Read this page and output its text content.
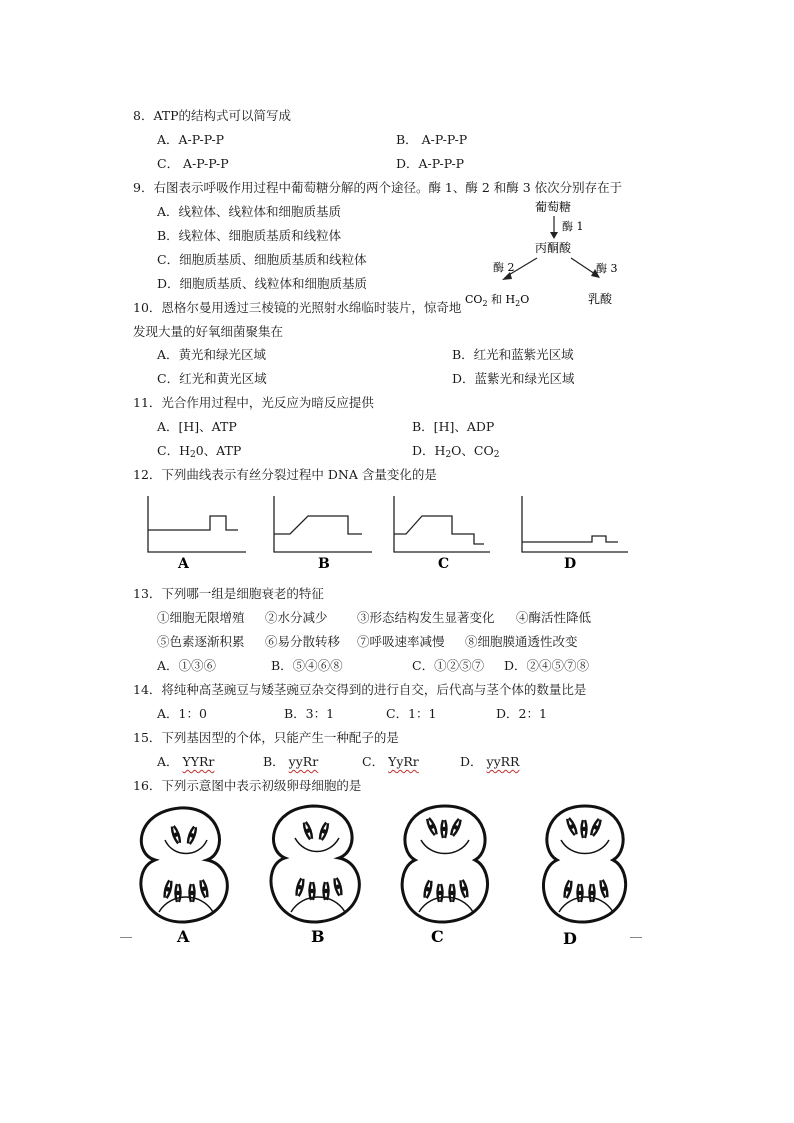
8．ATP的结构式可以简写成
A．A-P-P-P	B． A-P-P-P
C． A-P-P-P	D．A-P-P-P
9．右图表示呼吸作用过程中葡萄糖分解的两个途径。酶 1、酶 2 和酶 3 依次分别存在于
A．线粒体、线粒体和细胞质基质
B．线粒体、细胞质基质和线粒体
C．细胞质基质、细胞质基质和线粒体
D．细胞质基质、线粒体和细胞质基质
葡萄糖
酶 1
丙酮酸
酶 2	酶 3
$CO_2$ 和 $H_2O$	乳酸
10．恩格尔曼用透过三棱镜的光照射水绵临时装片，惊奇地
发现大量的好氧细菌聚集在
A．黄光和绿光区域	B．红光和蓝紫光区域
C．红光和黄光区域	D．蓝紫光和绿光区域
11．光合作用过程中，光反应为暗反应提供
A．[H]、ATP	B．[H]、ADP
C．$H_20$、ATP	D．$H_2O$、$CO_2$
12．下列曲线表示有丝分裂过程中 DNA 含量变化的是
A	B	C	D
13．下列哪一组是细胞衰老的特征
①细胞无限增殖 ②水分减少 ③形态结构发生显著变化 ④酶活性降低
⑤色素逐渐积累 ⑥易分散转移 ⑦呼吸速率减慢 ⑧细胞膜通透性改变
A．①③⑥	B．⑤④⑥⑧	C．①②⑤⑦ D．②④⑤⑦⑧
14．将纯种高茎豌豆与矮茎豌豆杂交得到的进行自交，后代高与茎个体的数量比是
A．1：0	B．3：1	C．1：1	D．2：1
15．下列基因型的个体，只能产生一种配子的是
A． YYRr	B． yyRr	C． YyRr	D． yyRR
16．下列示意图中表示初级卵母细胞的是
A	B	C	D
